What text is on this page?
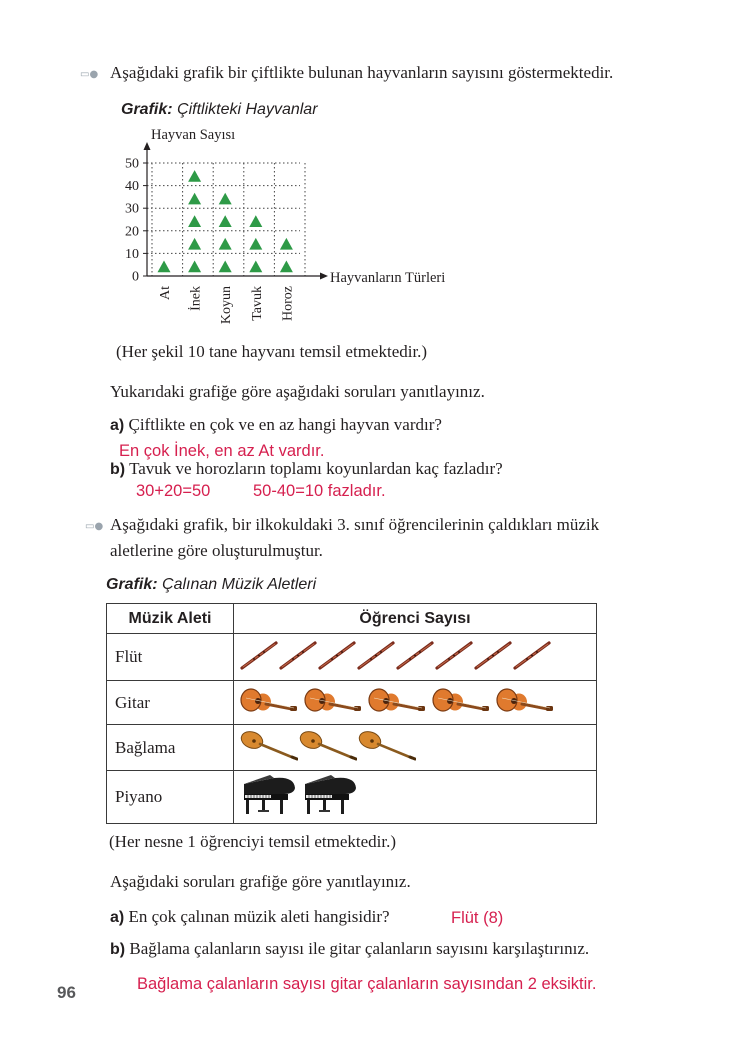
▭● Aşağıdaki grafik bir çiftlikte bulunan hayvanların sayısını göstermektedir.
Grafik: Çiftlikteki Hayvanlar
Hayvan Sayısı
Hayvanların Türleri
50
40
30
20
10
0
At İnek Koyun Tavuk Horoz
(Her şekil 10 tane hayvanı temsil etmektedir.)
Yukarıdaki grafiğe göre aşağıdaki soruları yanıtlayınız.
a) Çiftlikte en çok ve en az hangi hayvan vardır?
En çok İnek, en az At vardır.
b) Tavuk ve horozların toplamı koyunlardan kaç fazladır?
30+20=50	50-40=10 fazladır.
▭● Aşağıdaki grafik, bir ilkokuldaki 3. sınıf öğrencilerinin çaldıkları müzik
aletlerine göre oluşturulmuştur.
Grafik: Çalınan Müzik Aletleri
Müzik Aleti	Öğrenci Sayısı
Flüt	
Gitar	
Bağlama	
Piyano	
(Her nesne 1 öğrenciyi temsil etmektedir.)
Aşağıdaki soruları grafiğe göre yanıtlayınız.
a) En çok çalınan müzik aleti hangisidir?	Flüt (8)
b) Bağlama çalanların sayısı ile gitar çalanların sayısını karşılaştırınız.
Bağlama çalanların sayısı gitar çalanların sayısından 2 eksiktir.
96
